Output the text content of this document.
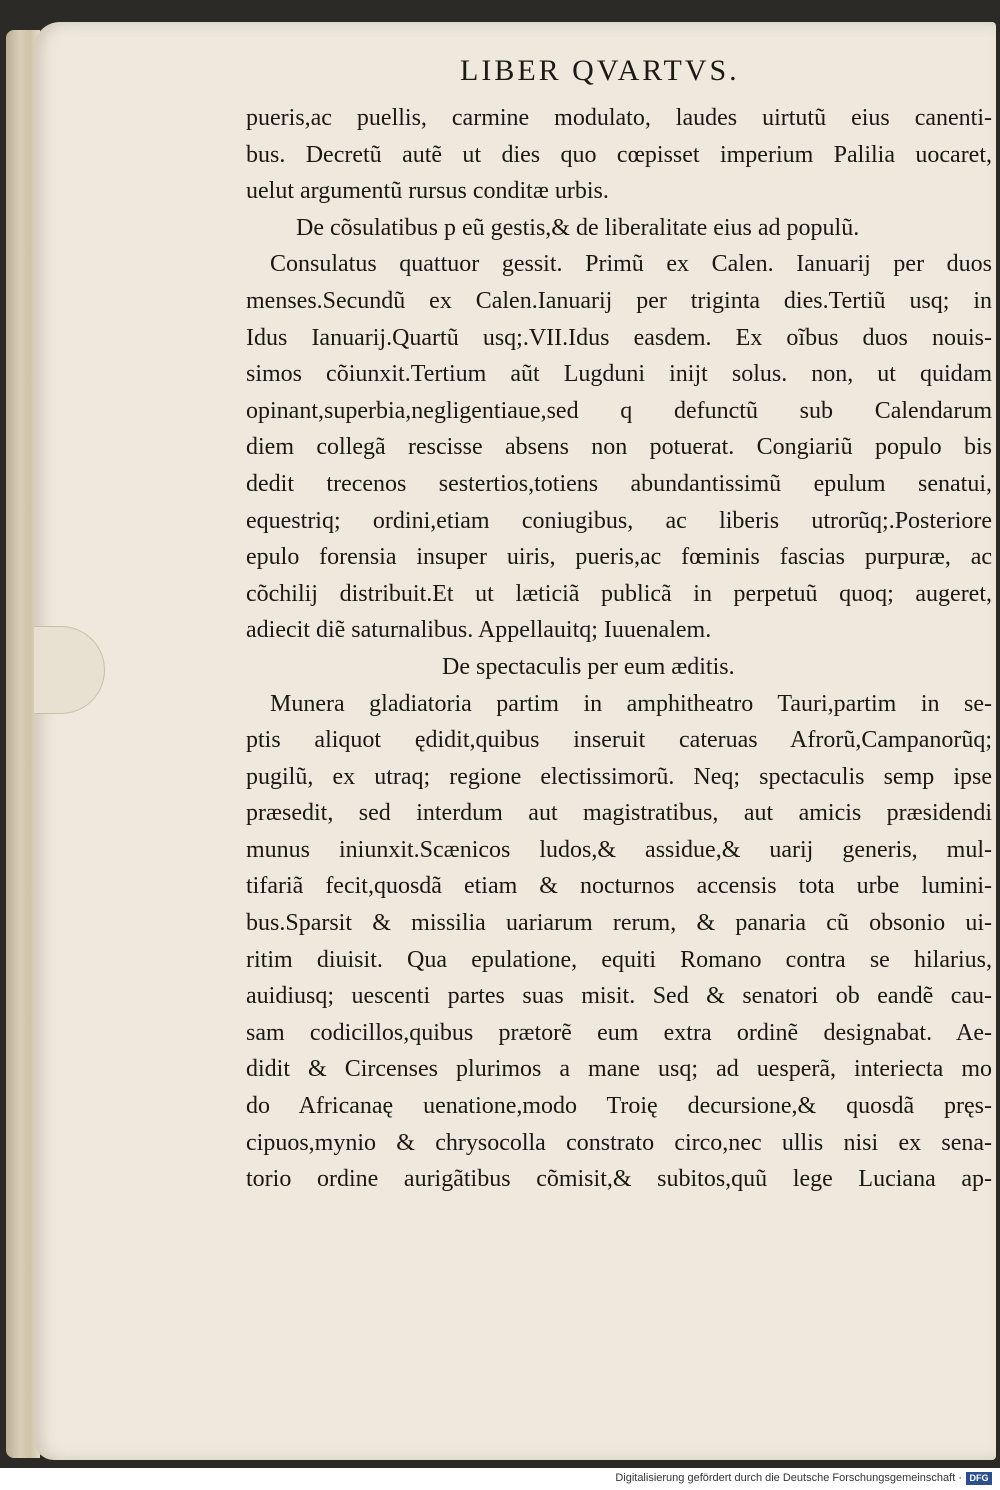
LIBER QVARTVS.
pueris,ac puellis, carmine modulato, laudes uirtutũ eius canenti-
bus. Decretũ autẽ ut dies quo cœpisset imperium Palilia uocaret,
uelut argumentũ rursus conditæ urbis.
De cõsulatibus p eũ gestis,& de liberalitate eius ad populũ.
Consulatus quattuor gessit. Primũ ex Calen. Ianuarij per duos
menses.Secundũ ex Calen.Ianuarij per triginta dies.Tertiũ usq; in
Idus Ianuarij.Quartũ usq;.VII.Idus easdem. Ex oĩbus duos nouis-
simos cõiunxit.Tertium aũt Lugduni inijt solus. non, ut quidam
opinant,superbia,negligentiaue,sed q defunctũ sub Calendarum
diem collegã rescisse absens non potuerat. Congiariũ populo bis
dedit trecenos sestertios,totiens abundantissimũ epulum senatui,
equestriq; ordini,etiam coniugibus, ac liberis utrorũq;.Posteriore
epulo forensia insuper uiris, pueris,ac fœminis fascias purpuræ, ac
cõchilij distribuit.Et ut læticiã publicã in perpetuũ quoq; augeret,
adiecit diẽ saturnalibus. Appellauitq; Iuuenalem.
De spectaculis per eum æditis.
Munera gladiatoria partim in amphitheatro Tauri,partim in se-
ptis aliquot ędidit,quibus inseruit cateruas Afrorũ,Campanorũq;
pugilũ, ex utraq; regione electissimorũ. Neq; spectaculis semp ipse
præsedit, sed interdum aut magistratibus, aut amicis præsidendi
munus iniunxit.Scænicos ludos,& assidue,& uarij generis, mul-
tifariã fecit,quosdã etiam & nocturnos accensis tota urbe lumini-
bus.Sparsit & missilia uariarum rerum, & panaria cũ obsonio ui-
ritim diuisit. Qua epulatione, equiti Romano contra se hilarius,
auidiusq; uescenti partes suas misit. Sed & senatori ob eandẽ cau-
sam codicillos,quibus prætorẽ eum extra ordinẽ designabat. Ae-
didit & Circenses plurimos a mane usq; ad uesperã, interiecta mo
do Africanaę uenatione,modo Troię decursione,& quosdã pręs-
cipuos,mynio & chrysocolla constrato circo,nec ullis nisi ex sena-
torio ordine aurigãtibus cõmisit,& subitos,quũ lege Luciana ap-
Digitalisierung gefördert durch die Deutsche Forschungsgemeinschaft · DFG
